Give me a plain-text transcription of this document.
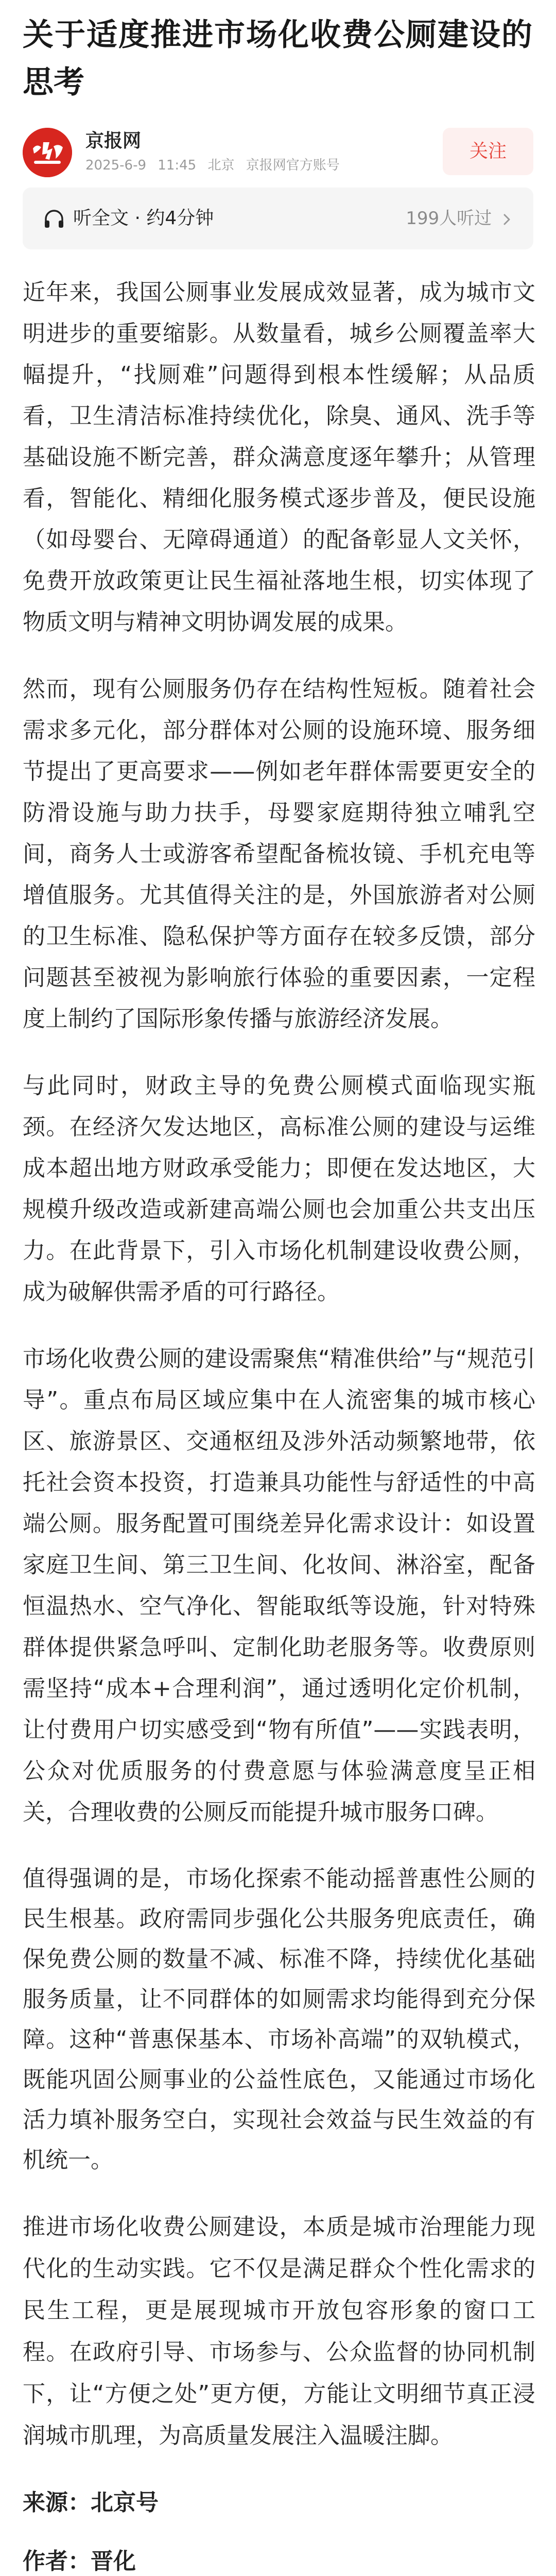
关于适度推进市场化收费公厕建设的思考
京报网
2025-6-9 11:45 北京 京报网官方账号
关注
听全文 · 约4分钟	199人听过

近年来，我国公厕事业发展成效显著，成为城市文明进步的重要缩影。从数量看，城乡公厕覆盖率大幅提升，“找厕难”问题得到根本性缓解；从品质看，卫生清洁标准持续优化，除臭、通风、洗手等基础设施不断完善，群众满意度逐年攀升；从管理看，智能化、精细化服务模式逐步普及，便民设施（如母婴台、无障碍通道）的配备彰显人文关怀，免费开放政策更让民生福祉落地生根，切实体现了物质文明与精神文明协调发展的成果。

然而，现有公厕服务仍存在结构性短板。随着社会需求多元化，部分群体对公厕的设施环境、服务细节提出了更高要求——例如老年群体需要更安全的防滑设施与助力扶手，母婴家庭期待独立哺乳空间，商务人士或游客希望配备梳妆镜、手机充电等增值服务。尤其值得关注的是，外国旅游者对公厕的卫生标准、隐私保护等方面存在较多反馈，部分问题甚至被视为影响旅行体验的重要因素，一定程度上制约了国际形象传播与旅游经济发展。

与此同时，财政主导的免费公厕模式面临现实瓶颈。在经济欠发达地区，高标准公厕的建设与运维成本超出地方财政承受能力；即便在发达地区，大规模升级改造或新建高端公厕也会加重公共支出压力。在此背景下，引入市场化机制建设收费公厕，成为破解供需矛盾的可行路径。

市场化收费公厕的建设需聚焦“精准供给”与“规范引导”。重点布局区域应集中在人流密集的城市核心区、旅游景区、交通枢纽及涉外活动频繁地带，依托社会资本投资，打造兼具功能性与舒适性的中高端公厕。服务配置可围绕差异化需求设计：如设置家庭卫生间、第三卫生间、化妆间、淋浴室，配备恒温热水、空气净化、智能取纸等设施，针对特殊群体提供紧急呼叫、定制化助老服务等。收费原则需坚持“成本+合理利润”，通过透明化定价机制，让付费用户切实感受到“物有所值”——实践表明，公众对优质服务的付费意愿与体验满意度呈正相关，合理收费的公厕反而能提升城市服务口碑。

值得强调的是，市场化探索不能动摇普惠性公厕的民生根基。政府需同步强化公共服务兜底责任，确保免费公厕的数量不减、标准不降，持续优化基础服务质量，让不同群体的如厕需求均能得到充分保障。这种“普惠保基本、市场补高端”的双轨模式，既能巩固公厕事业的公益性底色，又能通过市场化活力填补服务空白，实现社会效益与民生效益的有机统一。

推进市场化收费公厕建设，本质是城市治理能力现代化的生动实践。它不仅是满足群众个性化需求的民生工程，更是展现城市开放包容形象的窗口工程。在政府引导、市场参与、公众监督的协同机制下，让“方便之处”更方便，方能让文明细节真正浸润城市肌理，为高质量发展注入温暖注脚。

来源：北京号
作者：晋化
